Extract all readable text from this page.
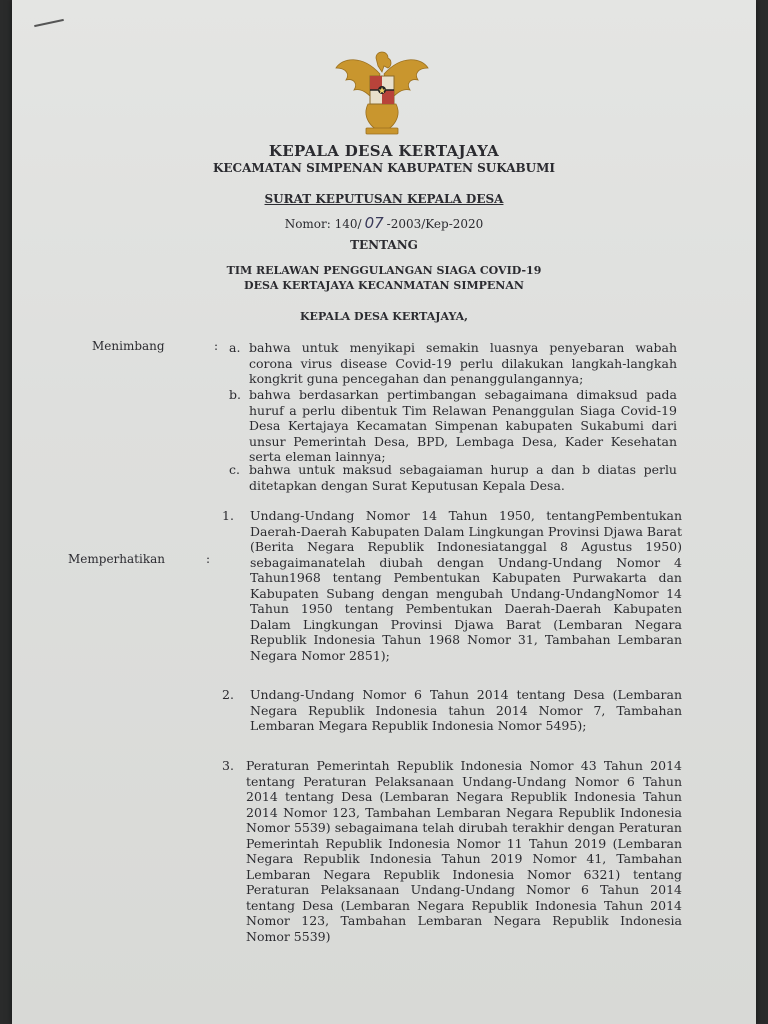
KEPALA DESA KERTAJAYA
KECAMATAN SIMPENAN KABUPATEN SUKABUMI
SURAT KEPUTUSAN KEPALA DESA
Nomor: 140/ 07 -2003/Kep-2020
TENTANG
TIM RELAWAN PENGGULANGAN SIAGA COVID-19
DESA KERTAJAYA KECANMATAN SIMPENAN
KEPALA DESA KERTAJAYA,
Menimbang	: a. bahwa untuk menyikapi semakin luasnya penyebaran wabah corona virus disease Covid-19 perlu dilakukan langkah-langkah kongkrit guna pencegahan dan penanggulangannya;
b. bahwa berdasarkan pertimbangan sebagaimana dimaksud pada huruf a perlu dibentuk Tim Relawan Penanggulan Siaga Covid-19 Desa Kertajaya Kecamatan Simpenan kabupaten Sukabumi dari unsur Pemerintah Desa, BPD, Lembaga Desa, Kader Kesehatan serta eleman lainnya;
c. bahwa untuk maksud sebagaiaman hurup a dan b diatas perlu ditetapkan dengan Surat Keputusan Kepala Desa.
Memperhatikan	:
1. Undang-Undang Nomor 14 Tahun 1950, tentangPembentukan Daerah-Daerah Kabupaten Dalam Lingkungan Provinsi Djawa Barat (Berita Negara Republik Indonesiatanggal 8 Agustus 1950) sebagaimanatelah diubah dengan Undang-Undang Nomor 4 Tahun1968 tentang Pembentukan Kabupaten Purwakarta dan Kabupaten Subang dengan mengubah Undang-UndangNomor 14 Tahun 1950 tentang Pembentukan Daerah-Daerah Kabupaten Dalam Lingkungan Provinsi Djawa Barat (Lembaran Negara Republik Indonesia Tahun 1968 Nomor 31, Tambahan Lembaran Negara Nomor 2851);
2. Undang-Undang Nomor 6 Tahun 2014 tentang Desa (Lembaran Negara Republik Indonesia tahun 2014 Nomor 7, Tambahan Lembaran Megara Republik Indonesia Nomor 5495);
3. Peraturan Pemerintah Republik Indonesia Nomor 43 Tahun 2014 tentang Peraturan Pelaksanaan Undang-Undang Nomor 6 Tahun 2014 tentang Desa (Lembaran Negara Republik Indonesia Tahun 2014 Nomor 123, Tambahan Lembaran Negara Republik Indonesia Nomor 5539) sebagaimana telah dirubah terakhir dengan Peraturan Pemerintah Republik Indonesia Nomor 11 Tahun 2019 (Lembaran Negara Republik Indonesia Tahun 2019 Nomor 41, Tambahan Lembaran Negara Republik Indonesia Nomor 6321) tentang Peraturan Pelaksanaan Undang-Undang Nomor 6 Tahun 2014 tentang Desa (Lembaran Negara Republik Indonesia Tahun 2014 Nomor 123, Tambahan Lembaran Negara Republik Indonesia Nomor 5539)
